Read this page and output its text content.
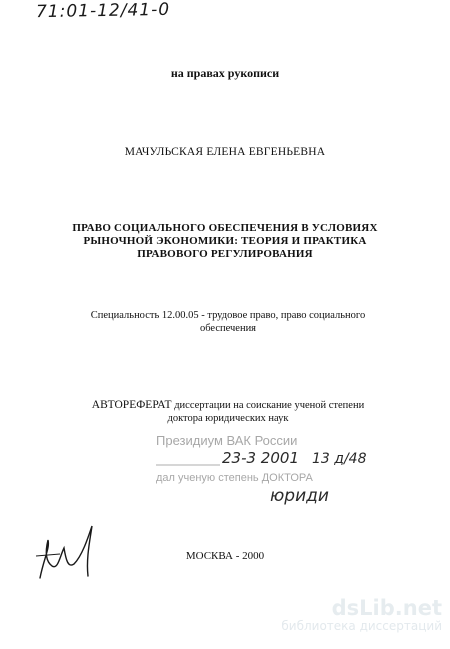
71:01-12/41-0
на правах рукописи
МАЧУЛЬСКАЯ ЕЛЕНА ЕВГЕНЬЕВНА
ПРАВО СОЦИАЛЬНОГО ОБЕСПЕЧЕНИЯ В УСЛОВИЯХ
РЫНОЧНОЙ ЭКОНОМИКИ: ТЕОРИЯ И ПРАКТИКА
ПРАВОВОГО РЕГУЛИРОВАНИЯ
Специальность 12.00.05 - трудовое право, право социального
обеспечения
АВТОРЕФЕРАТ диссертации на соискание ученой степени
доктора юридических наук
Президиум ВАК России
23-3 2001 13 д/48
дал ученую степень ДОКТОРА
юриди
МОСКВА - 2000
dsLib.net
библиотека диссертаций
